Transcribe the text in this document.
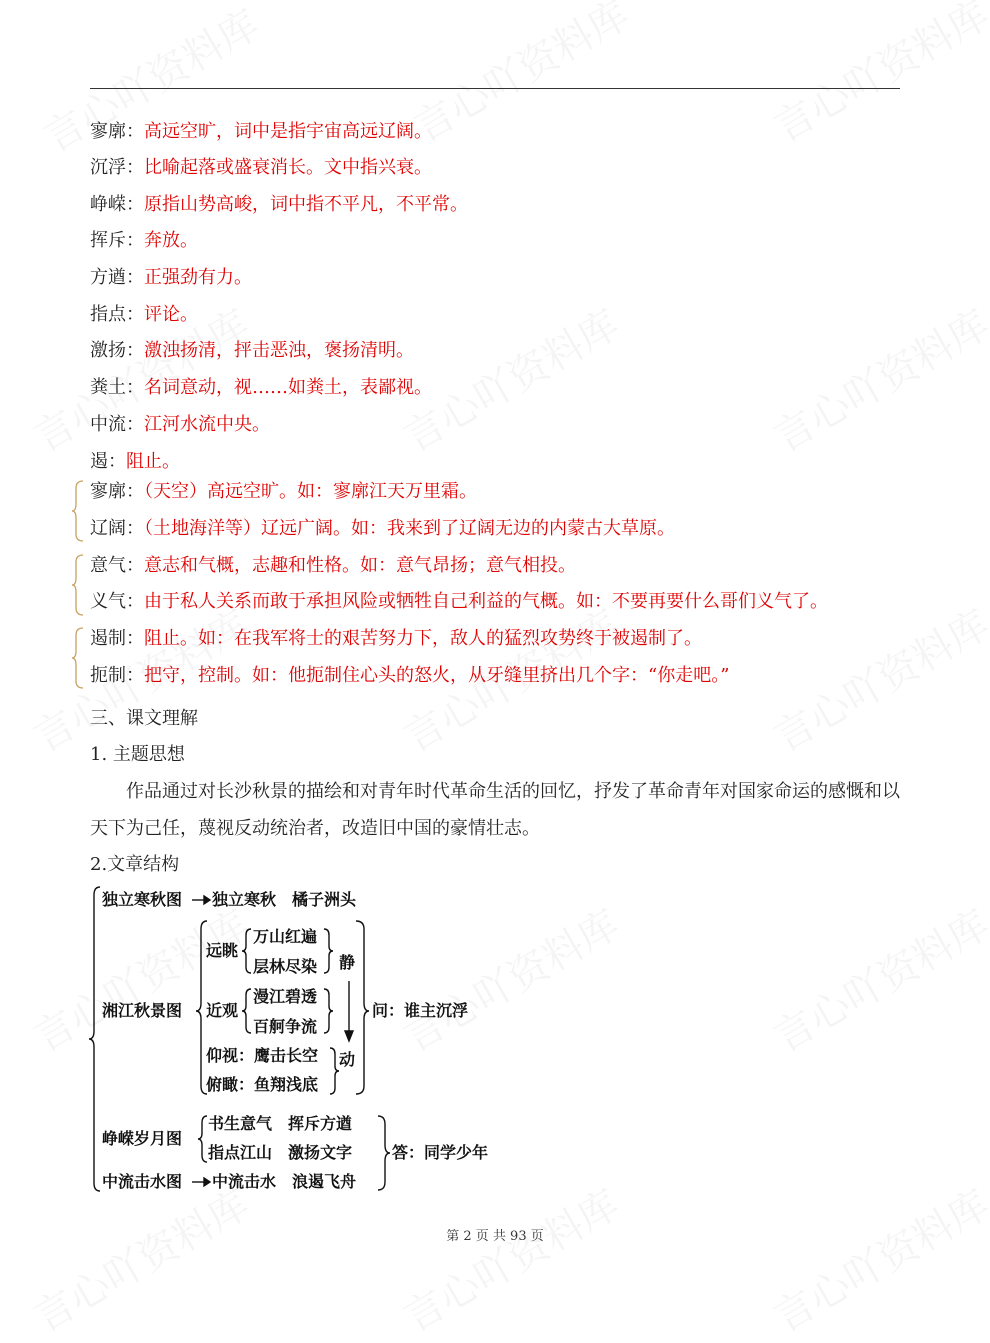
寥廓：高远空旷，词中是指宇宙高远辽阔。
沉浮：比喻起落或盛衰消长。文中指兴衰。
峥嵘：原指山势高峻，词中指不平凡，不平常。
挥斥：奔放。
方遒：正强劲有力。
指点：评论。
激扬：激浊扬清，抨击恶浊，褒扬清明。
粪土：名词意动，视……如粪土，表鄙视。
中流：江河水流中央。
遏：阻止。
寥廓：（天空）高远空旷。如：寥廓江天万里霜。
辽阔：（土地海洋等）辽远广阔。如：我来到了辽阔无边的内蒙古大草原。
意气：意志和气概，志趣和性格。如：意气昂扬；意气相投。
义气：由于私人关系而敢于承担风险或牺牲自己利益的气概。如：不要再要什么哥们义气了。
遏制：阻止。如：在我军将士的艰苦努力下，敌人的猛烈攻势终于被遏制了。
扼制：把守，控制。如：他扼制住心头的怒火，从牙缝里挤出几个字：“你走吧。”
三、课文理解
1. 主题思想
作品通过对长沙秋景的描绘和对青年时代革命生活的回忆，抒发了革命青年对国家命运的感慨和以天下为己任，蔑视反动统治者，改造旧中国的豪情壮志。
2.文章结构
独立寒秋图 独立寒秋　橘子洲头
湘江秋景图
远眺
万山红遍
层林尽染 静
近观
漫江碧透
百舸争流
仰视：鹰击长空
俯瞰：鱼翔浅底
动
问：谁主沉浮
峥嵘岁月图
书生意气　挥斥方遒
指点江山　激扬文字 答：同学少年
中流击水图 中流击水　浪遏飞舟
第 2 页 共 93 页
